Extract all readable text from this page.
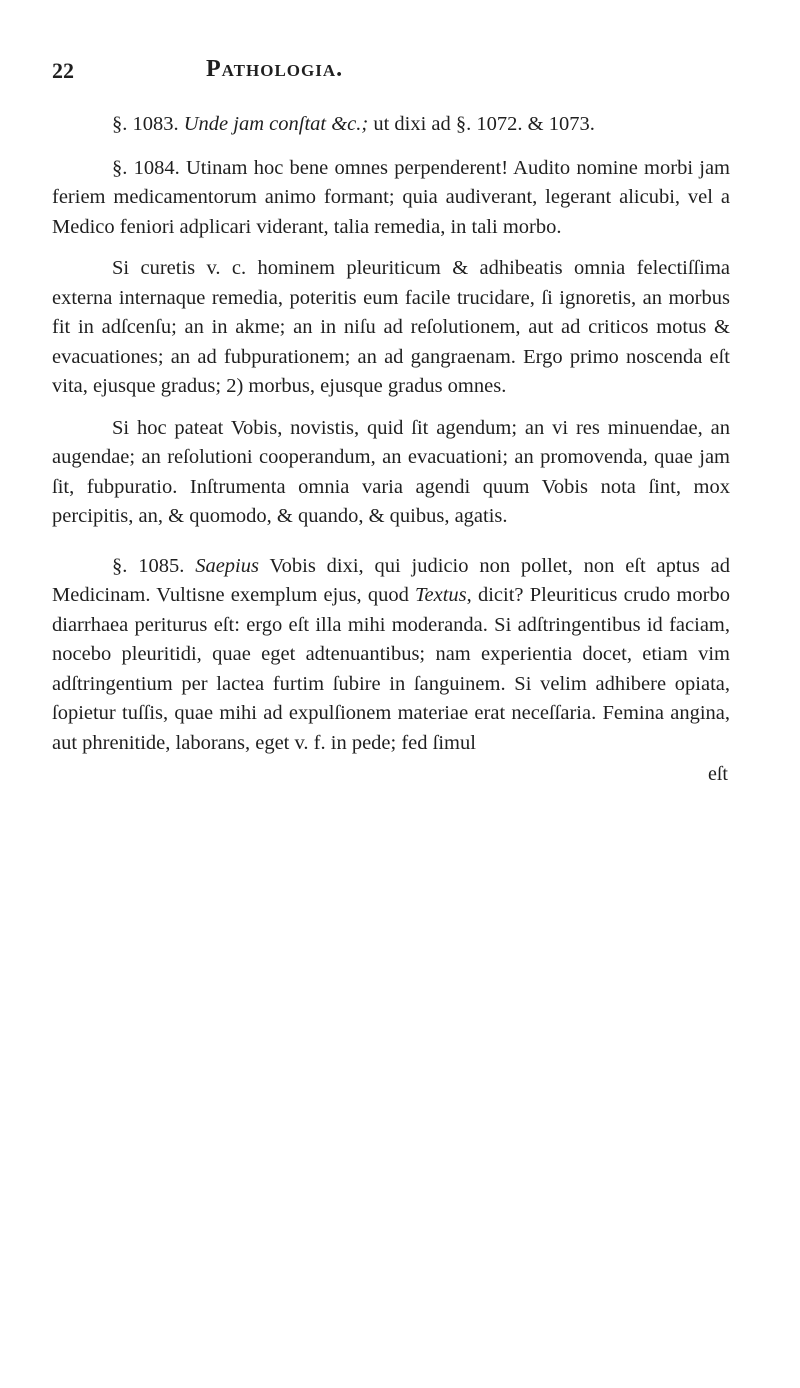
22	Pathologia.

§. 1083. Unde jam conſtat &c.; ut dixi ad §. 1072. & 1073.

§. 1084. Utinam hoc bene omnes perpenderent! Audito nomine morbi jam feriem medicamentorum animo formant; quia audiverant, legerant alicubi, vel a Medico feniori adplicari viderant, talia remedia, in tali morbo.

Si curetis v. c. hominem pleuriticum & adhibeatis omnia felectiſſima externa internaque remedia, poteritis eum facile trucidare, ſi ignoretis, an morbus fit in adſcenſu; an in akme; an in niſu ad reſolutionem, aut ad criticos motus & evacuationes; an ad fubpurationem; an ad gangraenam. Ergo primo noscenda eſt vita, ejusque gradus; 2) morbus, ejusque gradus omnes.

Si hoc pateat Vobis, novistis, quid ſit agendum; an vi res minuendae, an augendae; an reſolutioni cooperandum, an evacuationi; an promovenda, quae jam ſit, fubpuratio. Inſtrumenta omnia varia agendi quum Vobis nota ſint, mox percipitis, an, & quomodo, & quando, & quibus, agatis.

§. 1085. Saepius Vobis dixi, qui judicio non pollet, non eſt aptus ad Medicinam. Vultisne exemplum ejus, quod Textus, dicit? Pleuriticus crudo morbo diarrhaea periturus eſt: ergo eſt illa mihi moderanda. Si adſtringentibus id faciam, nocebo pleuritidi, quae eget adtenuantibus; nam experientia docet, etiam vim adſtringentium per lactea furtim ſubire in ſanguinem. Si velim adhibere opiata, ſopietur tuſſis, quae mihi ad expulſionem materiae erat neceſſaria. Femina angina, aut phrenitide, laborans, eget v. f. in pede; fed ſimul

eſt
